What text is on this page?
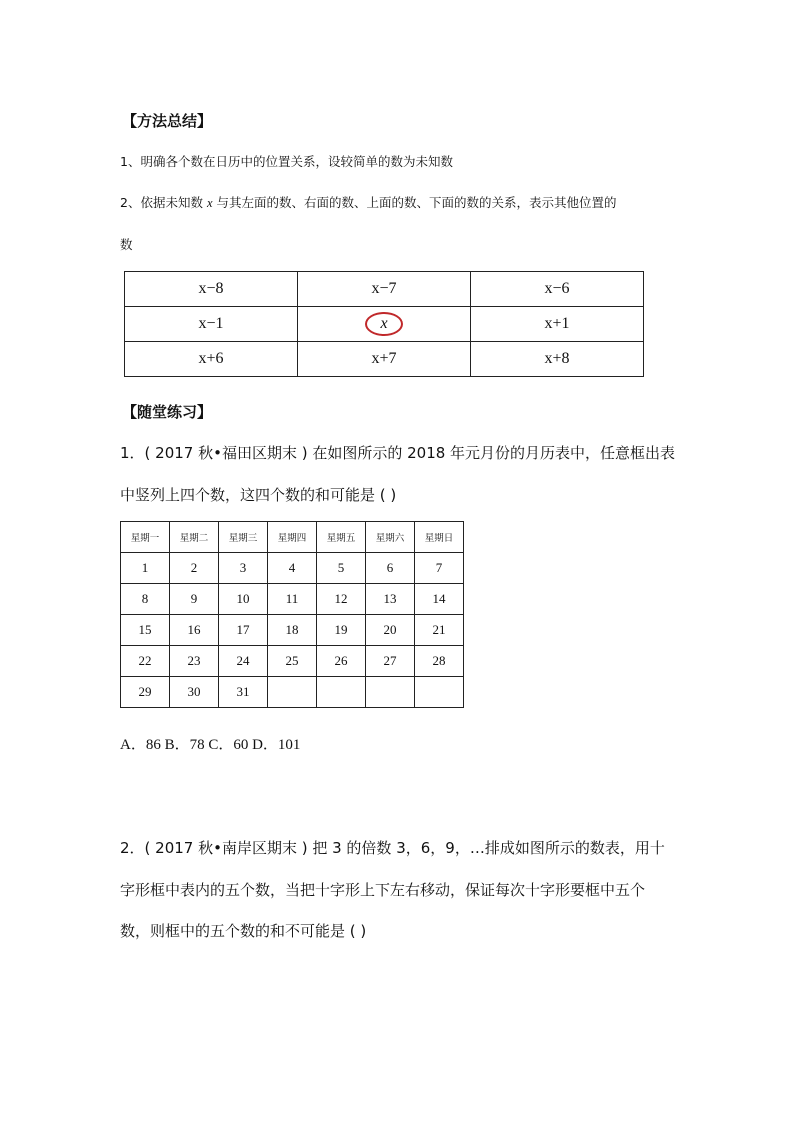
【方法总结】
1、明确各个数在日历中的位置关系，设较简单的数为未知数
2、依据未知数 x 与其左面的数、右面的数、上面的数、下面的数的关系，表示其他位置的
数
x−8	x−7	x−6
x−1	x	x+1
x+6	x+7	x+8
【随堂练习】
1．( 2017 秋•福田区期末 ) 在如图所示的 2018 年元月份的月历表中，任意框出表
中竖列上四个数，这四个数的和可能是 ( )
星期一	星期二	星期三	星期四	星期五	星期六	星期日
1	2	3	4	5	6	7
8	9	10	11	12	13	14
15	16	17	18	19	20	21
22	23	24	25	26	27	28
29	30	31				
A．86 B．78 C．60 D．101
2．( 2017 秋•南岸区期末 ) 把 3 的倍数 3，6，9，…排成如图所示的数表，用十
字形框中表内的五个数，当把十字形上下左右移动，保证每次十字形要框中五个
数，则框中的五个数的和不可能是 ( )
